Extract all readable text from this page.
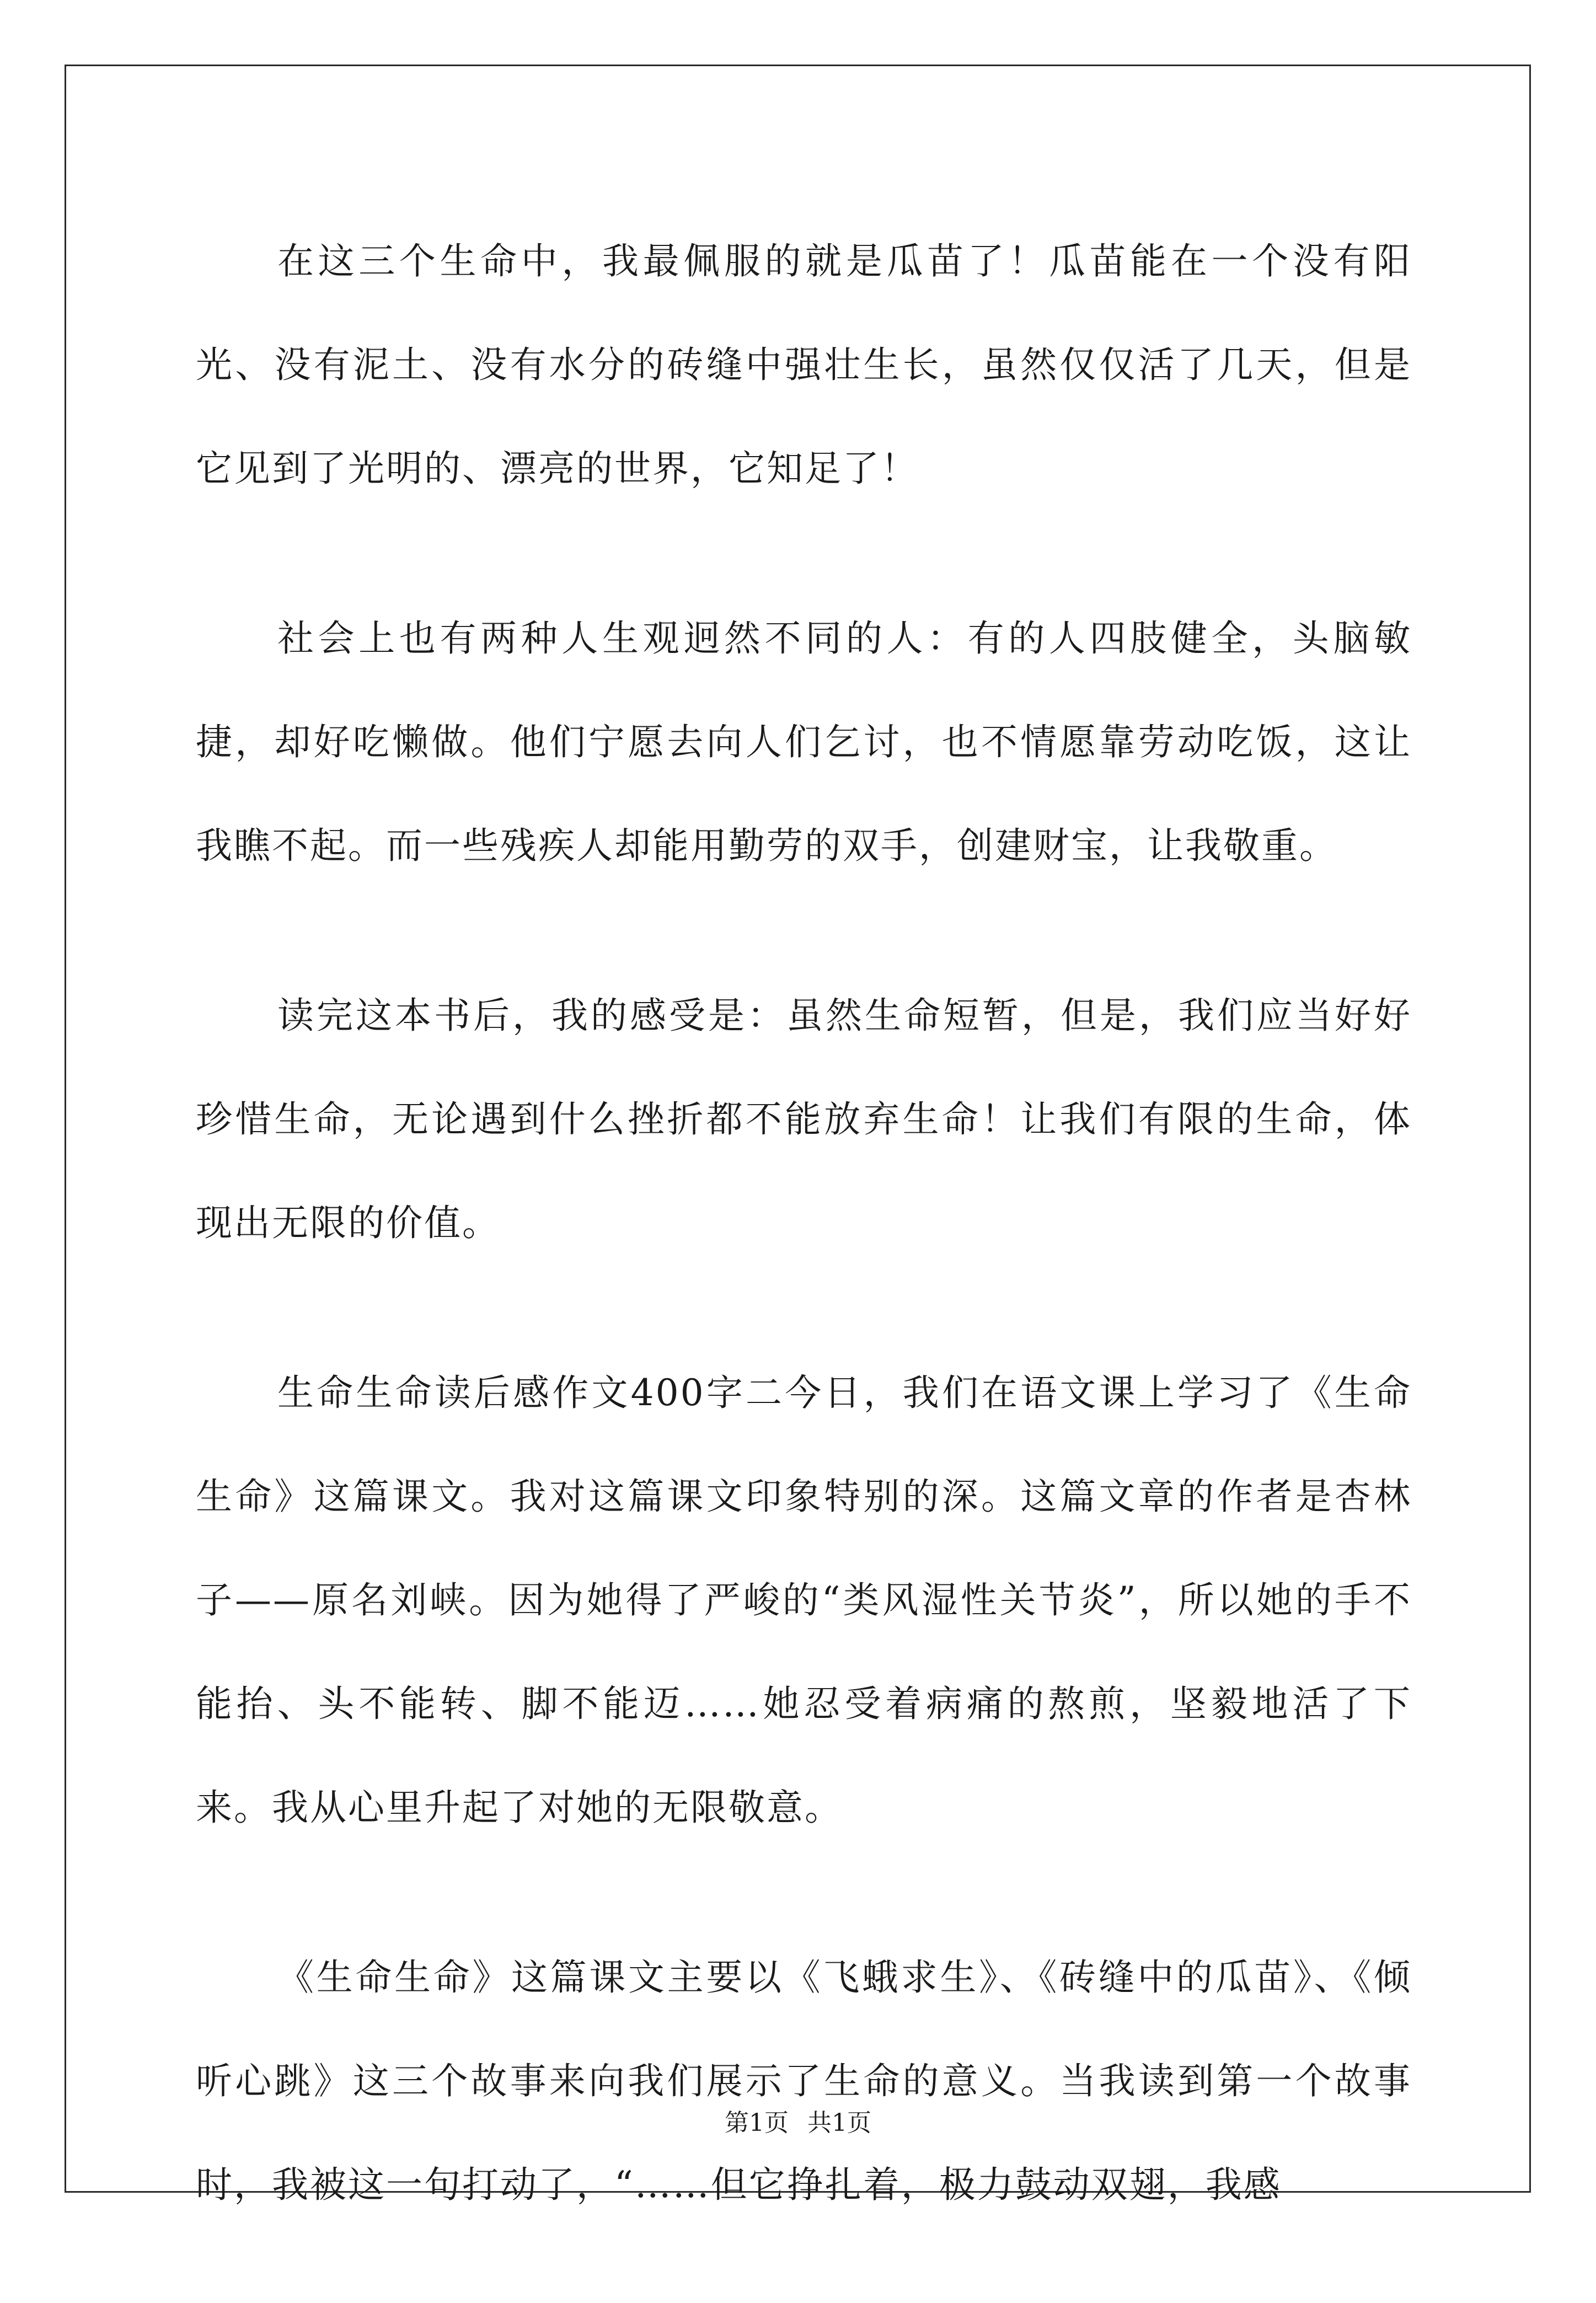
在这三个生命中，我最佩服的就是瓜苗了！瓜苗能在一个没有阳光、没有泥土、没有水分的砖缝中强壮生长，虽然仅仅活了几天，但是它见到了光明的、漂亮的世界，它知足了！

社会上也有两种人生观迥然不同的人：有的人四肢健全，头脑敏捷，却好吃懒做。他们宁愿去向人们乞讨，也不情愿靠劳动吃饭，这让我瞧不起。而一些残疾人却能用勤劳的双手，创建财宝，让我敬重。

读完这本书后，我的感受是：虽然生命短暂，但是，我们应当好好珍惜生命，无论遇到什么挫折都不能放弃生命！让我们有限的生命，体现出无限的价值。

生命生命读后感作文400字二今日，我们在语文课上学习了《生命生命》这篇课文。我对这篇课文印象特别的深。这篇文章的作者是杏林子——原名刘峡。因为她得了严峻的“类风湿性关节炎”，所以她的手不能抬、头不能转、脚不能迈……她忍受着病痛的熬煎，坚毅地活了下来。我从心里升起了对她的无限敬意。

《生命生命》这篇课文主要以《飞蛾求生》、《砖缝中的瓜苗》、《倾听心跳》这三个故事来向我们展示了生命的意义。当我读到第一个故事时，我被这一句打动了，“……但它挣扎着，极力鼓动双翅，我感

第1页 共1页
